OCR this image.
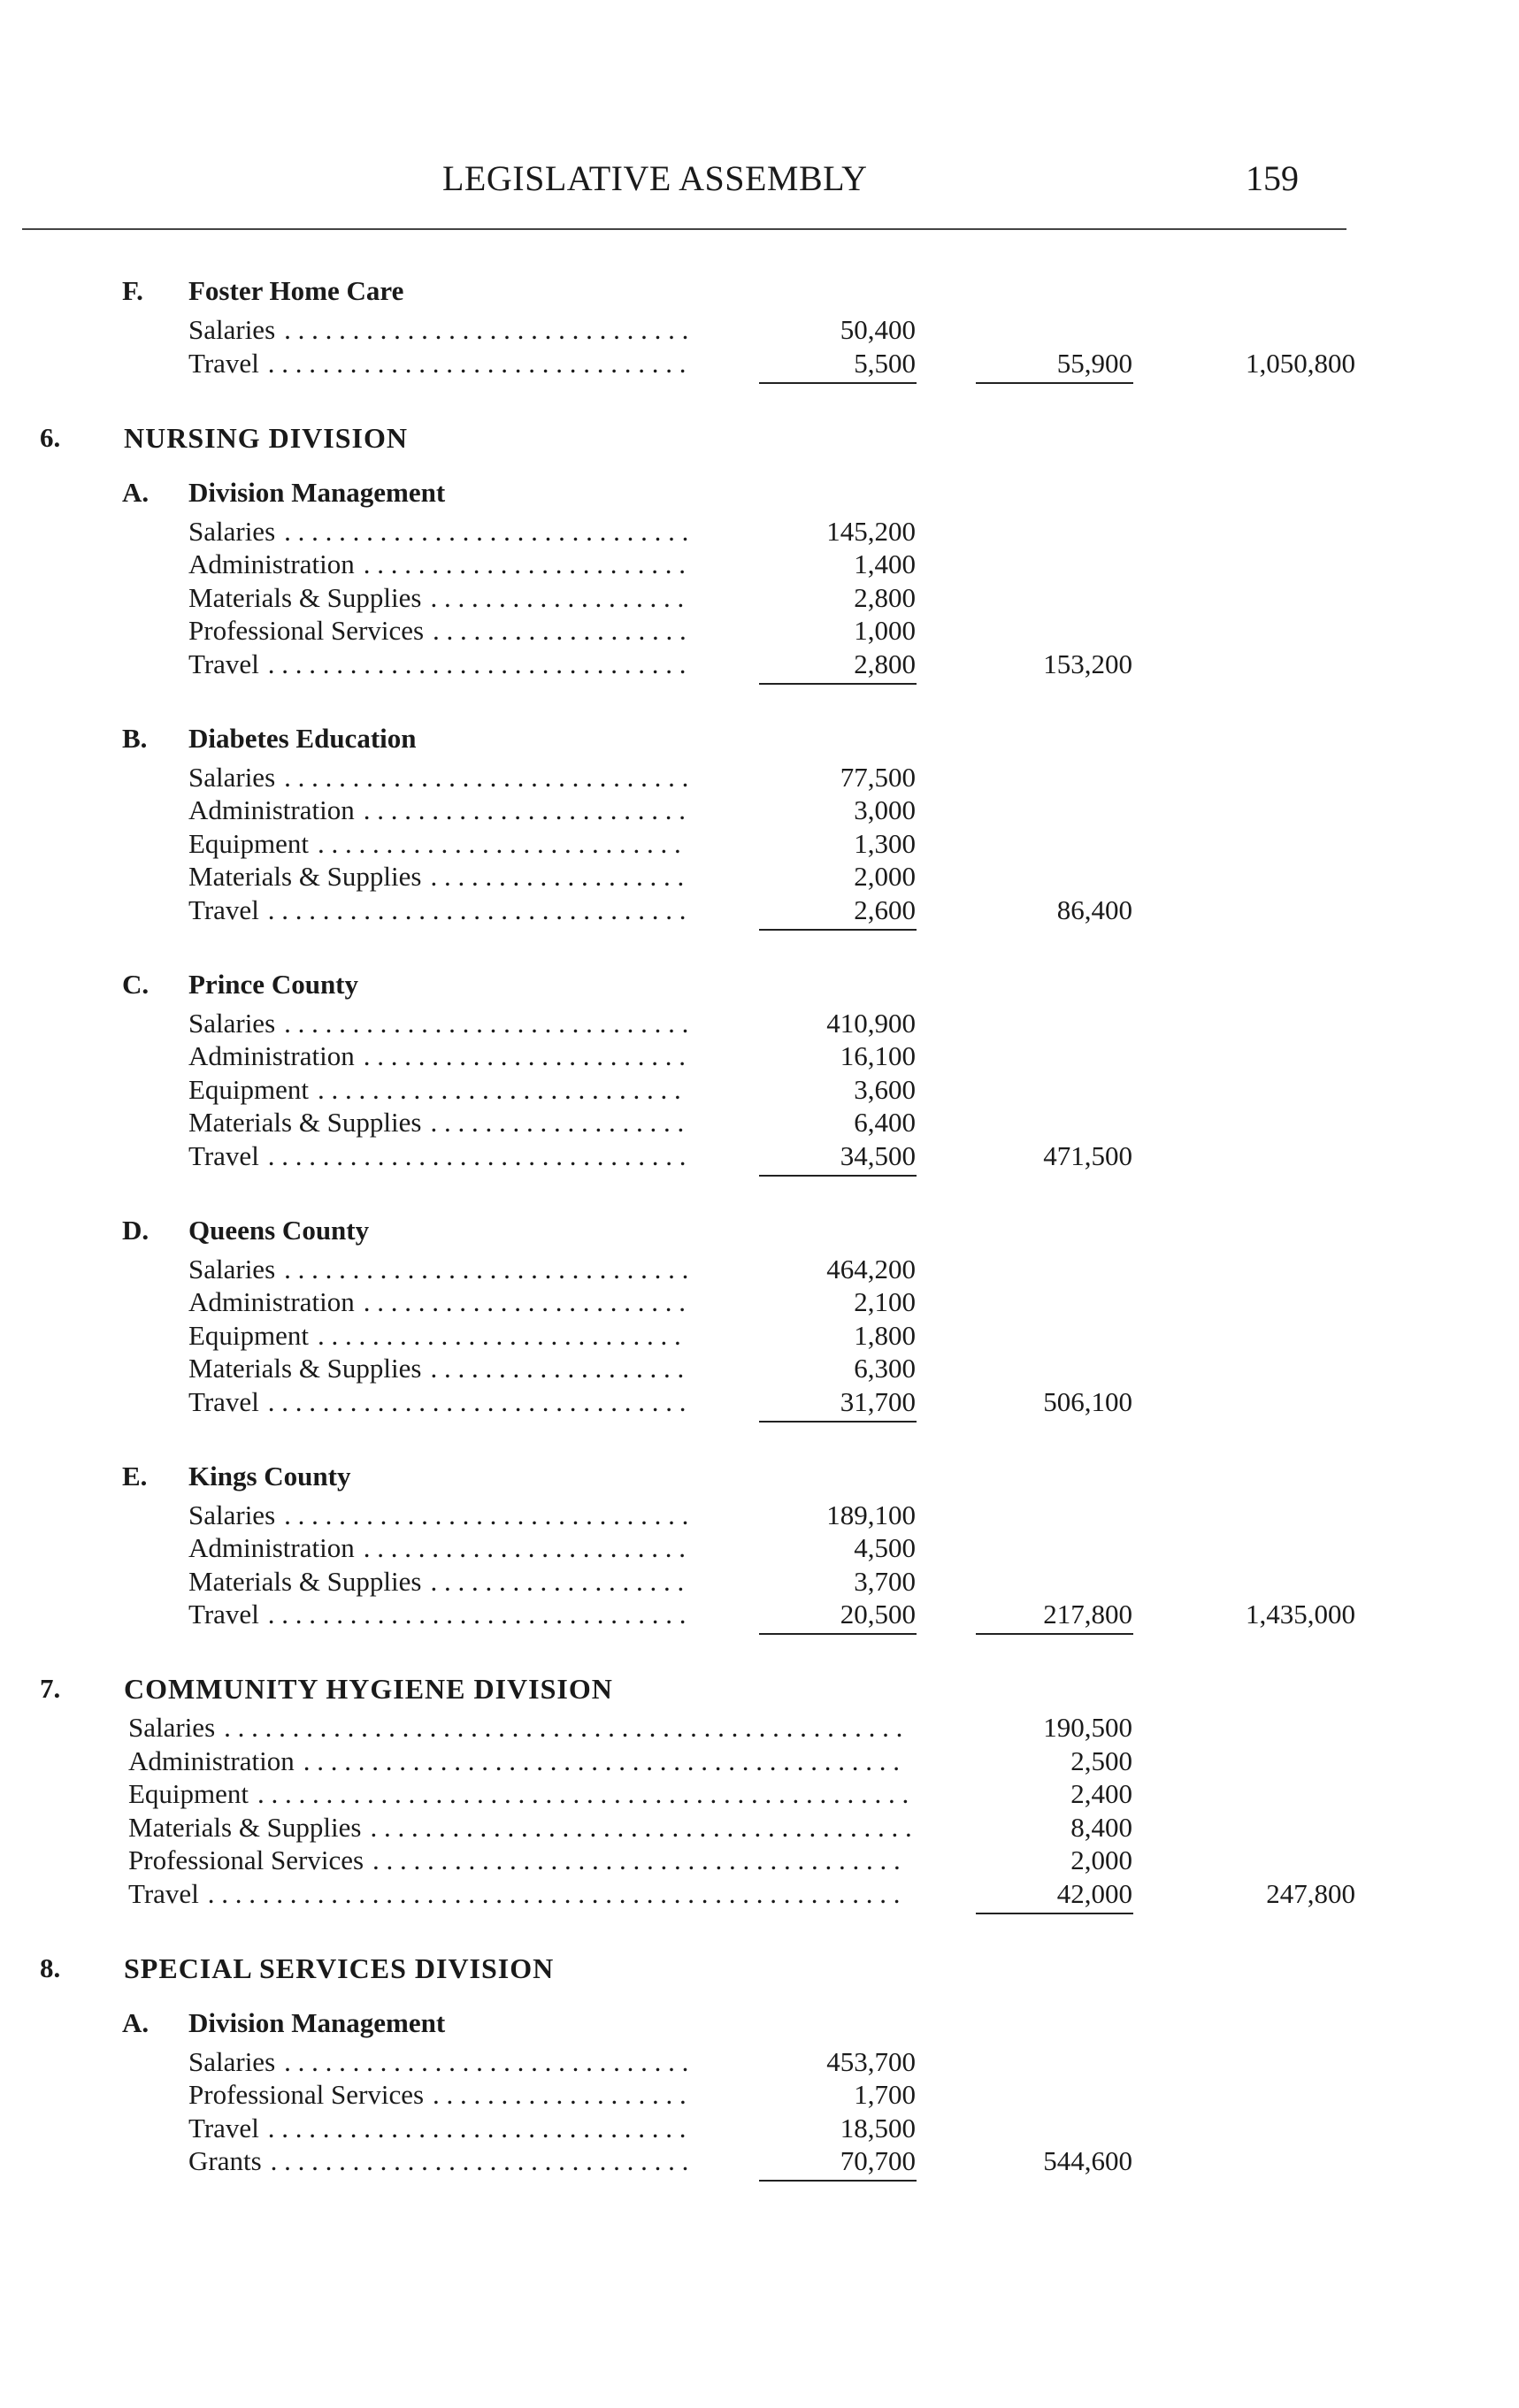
LEGISLATIVE ASSEMBLY	159
F. Foster Home Care
Salaries . . . . . . . . . . . . . . . . . . . . . . . . . . . . . .	50,400
Travel . . . . . . . . . . . . . . . . . . . . . . . . . . . . . . .	5,500	55,900	1,050,800
6. NURSING DIVISION
A. Division Management
Salaries . . . . . . . . . . . . . . . . . . . . . . . . . . . . . .	145,200
Administration . . . . . . . . . . . . . . . . . . . . . . . .	1,400
Materials & Supplies . . . . . . . . . . . . . . . . . . .	2,800
Professional Services . . . . . . . . . . . . . . . . . . .	1,000
Travel . . . . . . . . . . . . . . . . . . . . . . . . . . . . . . .	2,800	153,200
B. Diabetes Education
Salaries . . . . . . . . . . . . . . . . . . . . . . . . . . . . . .	77,500
Administration . . . . . . . . . . . . . . . . . . . . . . . .	3,000
Equipment . . . . . . . . . . . . . . . . . . . . . . . . . . .	1,300
Materials & Supplies . . . . . . . . . . . . . . . . . . .	2,000
Travel . . . . . . . . . . . . . . . . . . . . . . . . . . . . . . .	2,600	86,400
C. Prince County
Salaries . . . . . . . . . . . . . . . . . . . . . . . . . . . . . .	410,900
Administration . . . . . . . . . . . . . . . . . . . . . . . .	16,100
Equipment . . . . . . . . . . . . . . . . . . . . . . . . . . .	3,600
Materials & Supplies . . . . . . . . . . . . . . . . . . .	6,400
Travel . . . . . . . . . . . . . . . . . . . . . . . . . . . . . . .	34,500	471,500
D. Queens County
Salaries . . . . . . . . . . . . . . . . . . . . . . . . . . . . . .	464,200
Administration . . . . . . . . . . . . . . . . . . . . . . . .	2,100
Equipment . . . . . . . . . . . . . . . . . . . . . . . . . . .	1,800
Materials & Supplies . . . . . . . . . . . . . . . . . . .	6,300
Travel . . . . . . . . . . . . . . . . . . . . . . . . . . . . . . .	31,700	506,100
E. Kings County
Salaries . . . . . . . . . . . . . . . . . . . . . . . . . . . . . .	189,100
Administration . . . . . . . . . . . . . . . . . . . . . . . .	4,500
Materials & Supplies . . . . . . . . . . . . . . . . . . .	3,700
Travel . . . . . . . . . . . . . . . . . . . . . . . . . . . . . . .	20,500	217,800	1,435,000
7. COMMUNITY HYGIENE DIVISION
Salaries . . . . . . . . . . . . . . . . . . . . . . . . . . . . . . . . . . . . . . . . . . . . . . . . . .	190,500
Administration . . . . . . . . . . . . . . . . . . . . . . . . . . . . . . . . . . . . . . . . . . . .	2,500
Equipment . . . . . . . . . . . . . . . . . . . . . . . . . . . . . . . . . . . . . . . . . . . . . . . .	2,400
Materials & Supplies . . . . . . . . . . . . . . . . . . . . . . . . . . . . . . . . . . . . . . . .	8,400
Professional Services . . . . . . . . . . . . . . . . . . . . . . . . . . . . . . . . . . . . . . .	2,000
Travel . . . . . . . . . . . . . . . . . . . . . . . . . . . . . . . . . . . . . . . . . . . . . . . . . . .	42,000	247,800
8. SPECIAL SERVICES DIVISION
A. Division Management
Salaries . . . . . . . . . . . . . . . . . . . . . . . . . . . . . .	453,700
Professional Services . . . . . . . . . . . . . . . . . . .	1,700
Travel . . . . . . . . . . . . . . . . . . . . . . . . . . . . . . .	18,500
Grants . . . . . . . . . . . . . . . . . . . . . . . . . . . . . . .	70,700	544,600
